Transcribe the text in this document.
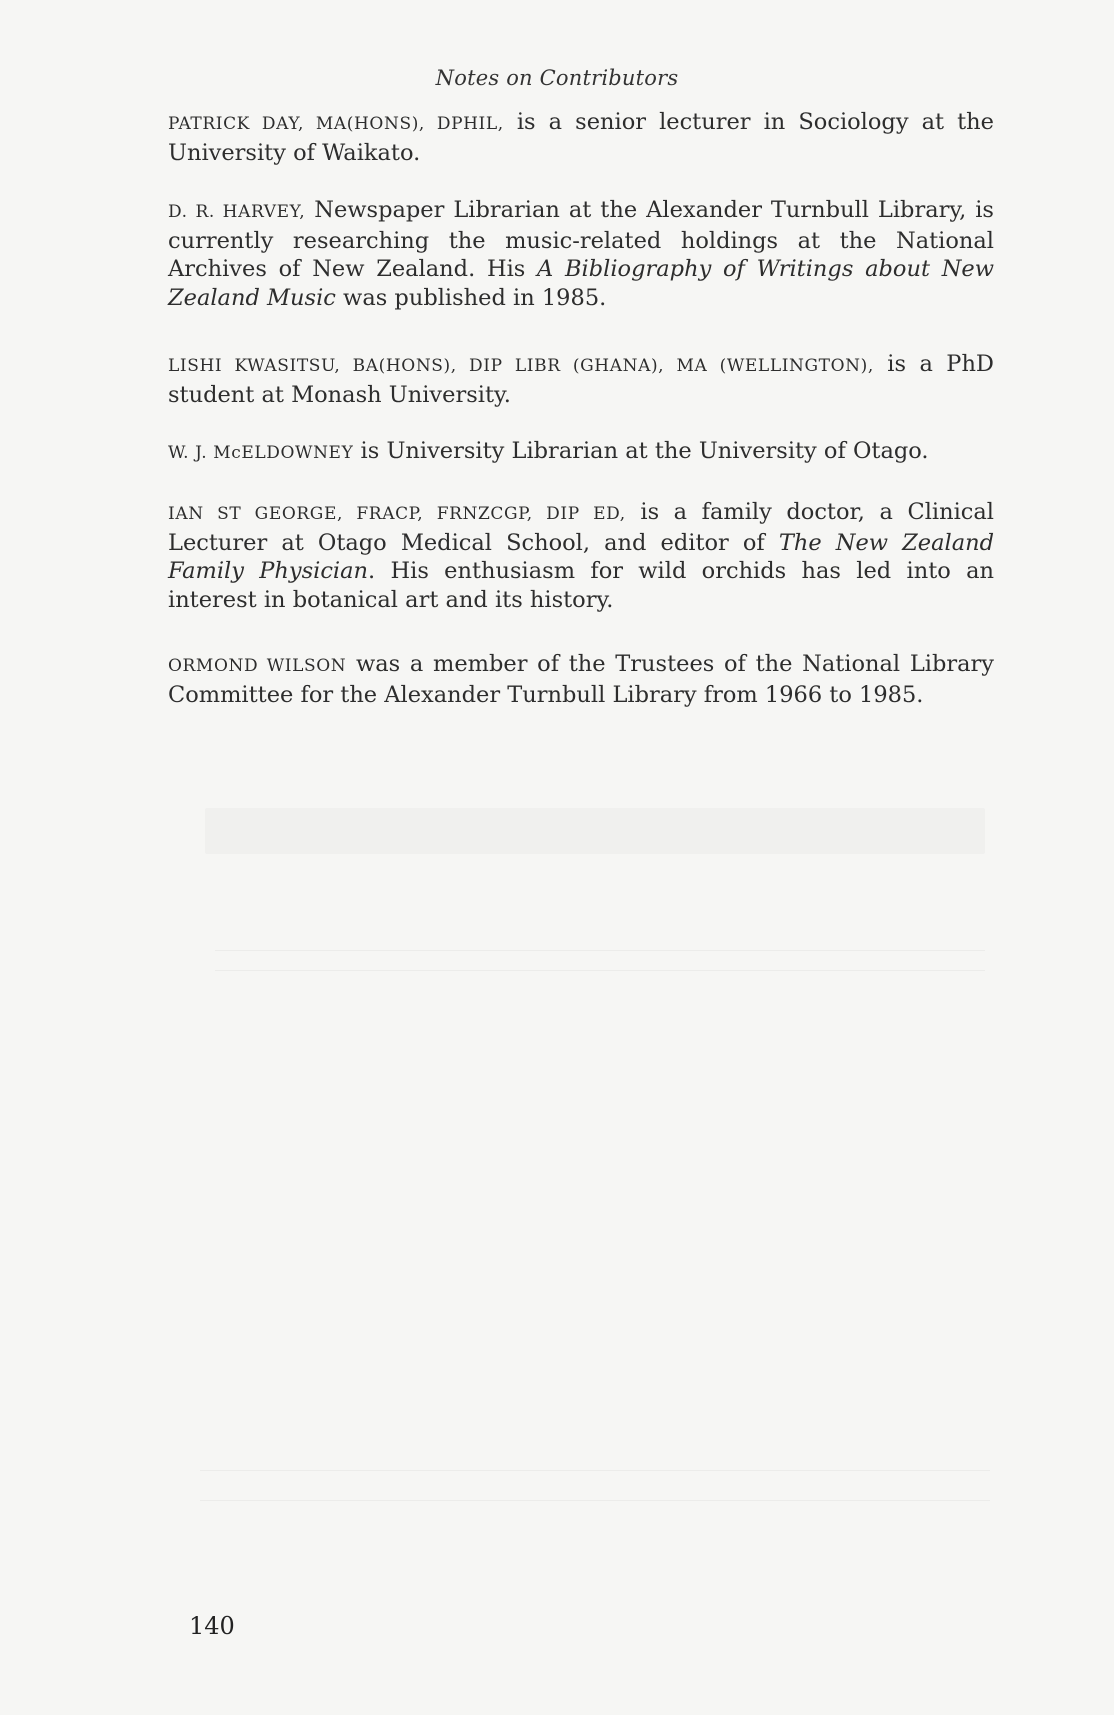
Notes on Contributors

PATRICK DAY, MA(HONS), DPHIL, is a senior lecturer in Sociology at the University of Waikato.

D. R. HARVEY, Newspaper Librarian at the Alexander Turnbull Library, is currently researching the music-related holdings at the National Archives of New Zealand. His A Bibliography of Writings about New Zealand Music was published in 1985.

LISHI KWASITSU, BA(HONS), DIP LIBR (GHANA), MA (WELLINGTON), is a PhD student at Monash University.

W. J. McELDOWNEY is University Librarian at the University of Otago.

IAN ST GEORGE, FRACP, FRNZCGP, DIP ED, is a family doctor, a Clinical Lecturer at Otago Medical School, and editor of The New Zealand Family Physician. His enthusiasm for wild orchids has led into an interest in botanical art and its history.

ORMOND WILSON was a member of the Trustees of the National Library Committee for the Alexander Turnbull Library from 1966 to 1985.

140
